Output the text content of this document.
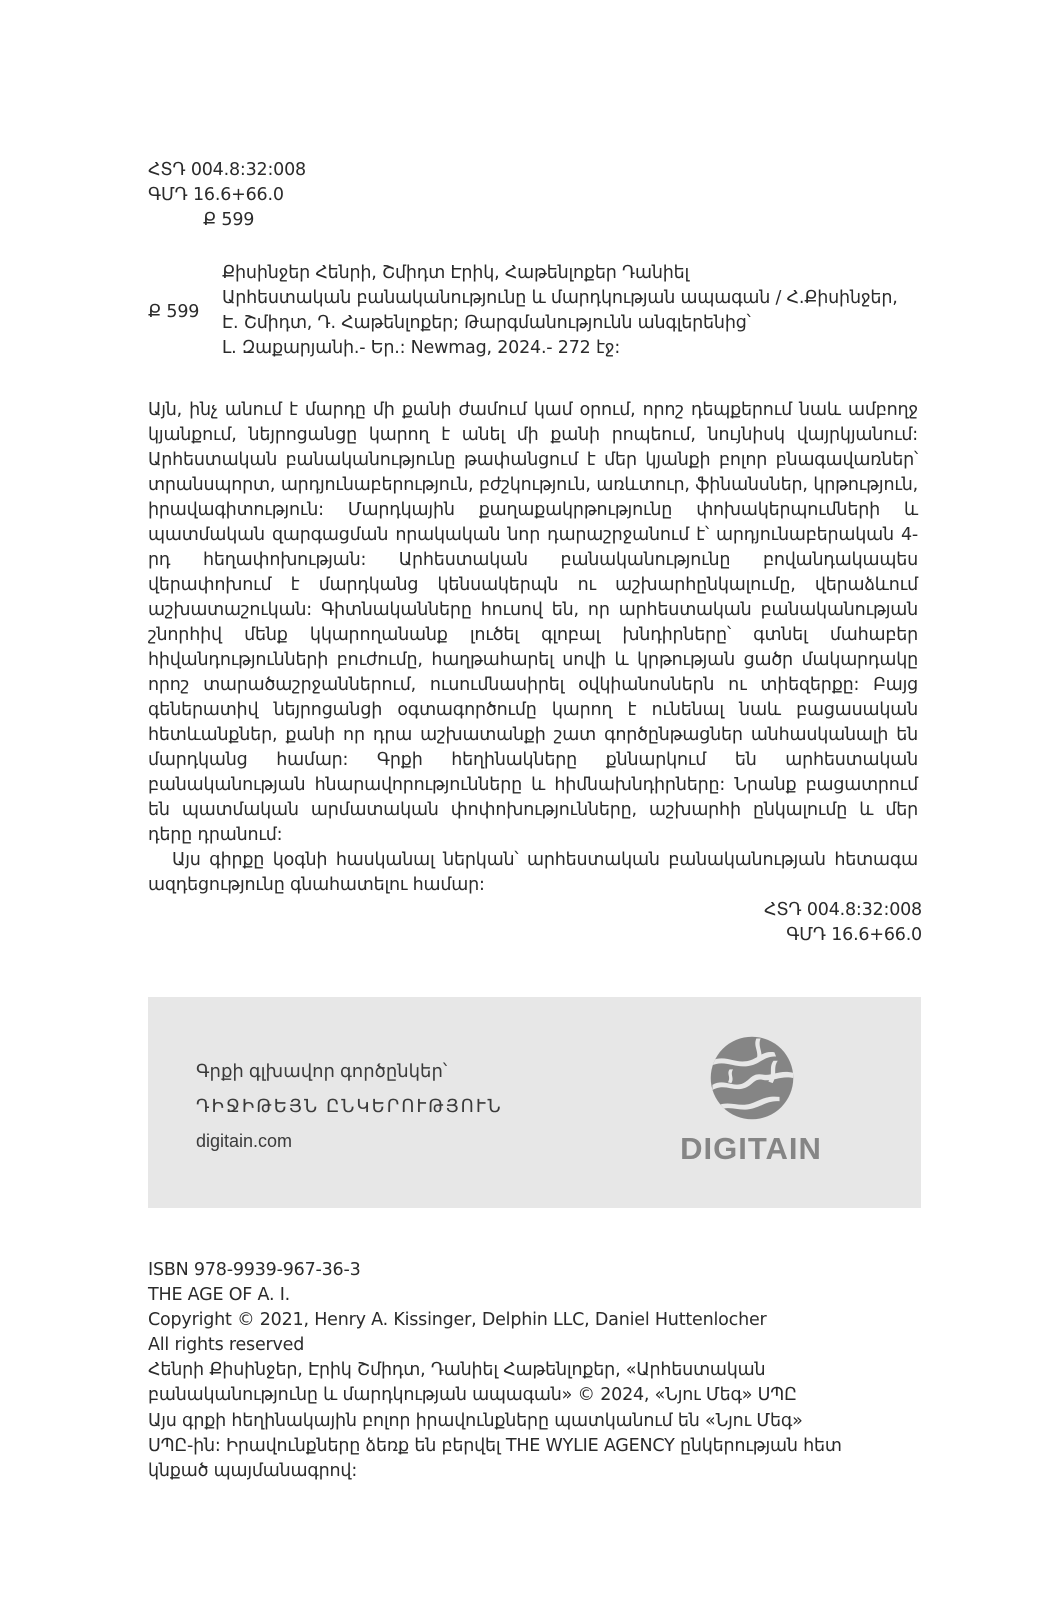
ՀՏԴ 004.8:32:008
ԳՄԴ 16.6+66.0
Ք 599
Ք 599
Քիսինջեր Հենրի, Շմիդտ Էրիկ, Հաթենլոքեր Դանիել
Արհեստական բանականությունը և մարդկության ապագան / Հ.Քիսինջեր,
Է. Շմիդտ, Դ. Հաթենլոքեր; Թարգմանությունն անգլերենից՝
Լ. Զաքարյանի.- Եր.: Newmag, 2024.- 272 էջ:

Այն, ինչ անում է մարդը մի քանի ժամում կամ օրում, որոշ դեպքերում նաև ամբողջ կյանքում, նեյրոցանցը կարող է անել մի քանի րոպեում, նույնիսկ վայրկյանում: Արհեստական բանականությունը թափանցում է մեր կյանքի բոլոր բնագավառներ՝ տրանսպորտ, արդյունաբերություն, բժշկություն, առևտուր, ֆինանսներ, կրթություն, իրավագիտություն: Մարդկային քաղաքակրթությունը փոխակերպումների և պատմական զարգացման որակական նոր դարաշրջանում է՝ արդյունաբերական 4-րդ հեղափոխության: Արհեստական բանականությունը բովանդակապես վերափոխում է մարդկանց կենսակերպն ու աշխարհընկալումը, վերաձևում աշխատաշուկան: Գիտնականները հուսով են, որ արհեստական բանականության շնորհիվ մենք կկարողանանք լուծել գլոբալ խնդիրները՝ գտնել մահաբեր հիվանդությունների բուժումը, հաղթահարել սովի և կրթության ցածր մակարդակը որոշ տարածաշրջաններում, ուսումնասիրել օվկիանոսներն ու տիեզերքը: Բայց գեներատիվ նեյրոցանցի օգտագործումը կարող է ունենալ նաև բացասական հետևանքներ, քանի որ դրա աշխատանքի շատ գործընթացներ անհասկանալի են մարդկանց համար: Գրքի հեղինակները քննարկում են արհեստական բանականության հնարավորությունները և հիմնախնդիրները: Նրանք բացատրում են պատմական արմատական փոփոխությունները, աշխարհի ընկալումը և մեր դերը դրանում:

Այս գիրքը կօգնի հասկանալ ներկան՝ արհեստական բանականության հետագա ազդեցությունը գնահատելու համար:

ՀՏԴ 004.8:32:008
ԳՄԴ 16.6+66.0
Գրքի գլխավոր գործընկեր՝
ԴԻՋԻԹԵՅՆ ԸՆԿԵՐՈՒԹՅՈՒՆ
digitain.com	DIGITAIN
ISBN 978-9939-967-36-3
THE AGE OF A. I.
Copyright © 2021, Henry A. Kissinger, Delphin LLC, Daniel Huttenlocher
All rights reserved
Հենրի Քիսինջեր, Էրիկ Շմիդտ, Դանիել Հաթենլոքեր, «Արհեստական
բանականությունը և մարդկության ապագան» © 2024, «Նյու Մեգ» ՍՊԸ
Այս գրքի հեղինակային բոլոր իրավունքները պատկանում են «Նյու Մեգ»
ՍՊԸ-ին: Իրավունքները ձեռք են բերվել THE WYLIE AGENCY ընկերության հետ
կնքած պայմանագրով:
